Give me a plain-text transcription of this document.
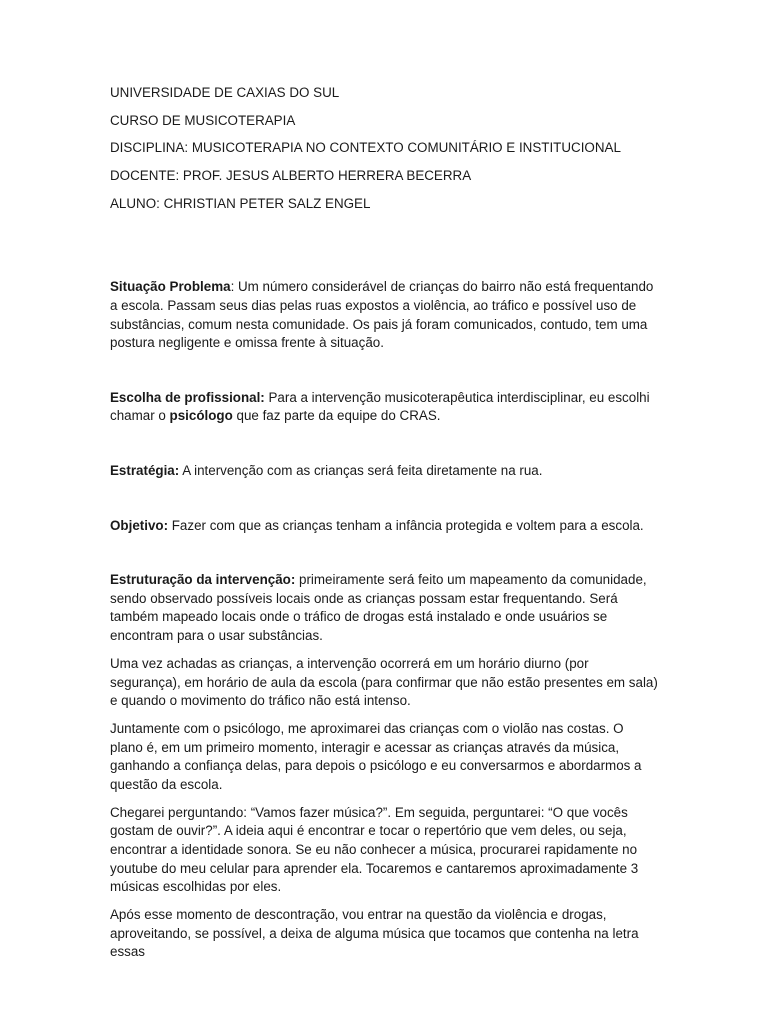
UNIVERSIDADE DE CAXIAS DO SUL
CURSO DE MUSICOTERAPIA
DISCIPLINA: MUSICOTERAPIA NO CONTEXTO COMUNITÁRIO E INSTITUCIONAL
DOCENTE: PROF. JESUS ALBERTO HERRERA BECERRA
ALUNO: CHRISTIAN PETER SALZ ENGEL

Situação Problema: Um número considerável de crianças do bairro não está frequentando a escola. Passam seus dias pelas ruas expostos a violência, ao tráfico e possível uso de substâncias, comum nesta comunidade. Os pais já foram comunicados, contudo, tem uma postura negligente e omissa frente à situação.

Escolha de profissional: Para a intervenção musicoterapêutica interdisciplinar, eu escolhi chamar o psicólogo que faz parte da equipe do CRAS.

Estratégia: A intervenção com as crianças será feita diretamente na rua.

Objetivo: Fazer com que as crianças tenham a infância protegida e voltem para a escola.

Estruturação da intervenção: primeiramente será feito um mapeamento da comunidade, sendo observado possíveis locais onde as crianças possam estar frequentando. Será também mapeado locais onde o tráfico de drogas está instalado e onde usuários se encontram para o usar substâncias.

Uma vez achadas as crianças, a intervenção ocorrerá em um horário diurno (por segurança), em horário de aula da escola (para confirmar que não estão presentes em sala) e quando o movimento do tráfico não está intenso.

Juntamente com o psicólogo, me aproximarei das crianças com o violão nas costas. O plano é, em um primeiro momento, interagir e acessar as crianças através da música, ganhando a confiança delas, para depois o psicólogo e eu conversarmos e abordarmos a questão da escola.

Chegarei perguntando: “Vamos fazer música?”. Em seguida, perguntarei: “O que vocês gostam de ouvir?”. A ideia aqui é encontrar e tocar o repertório que vem deles, ou seja, encontrar a identidade sonora. Se eu não conhecer a música, procurarei rapidamente no youtube do meu celular para aprender ela. Tocaremos e cantaremos aproximadamente 3 músicas escolhidas por eles.

Após esse momento de descontração, vou entrar na questão da violência e drogas, aproveitando, se possível, a deixa de alguma música que tocamos que contenha na letra essas
